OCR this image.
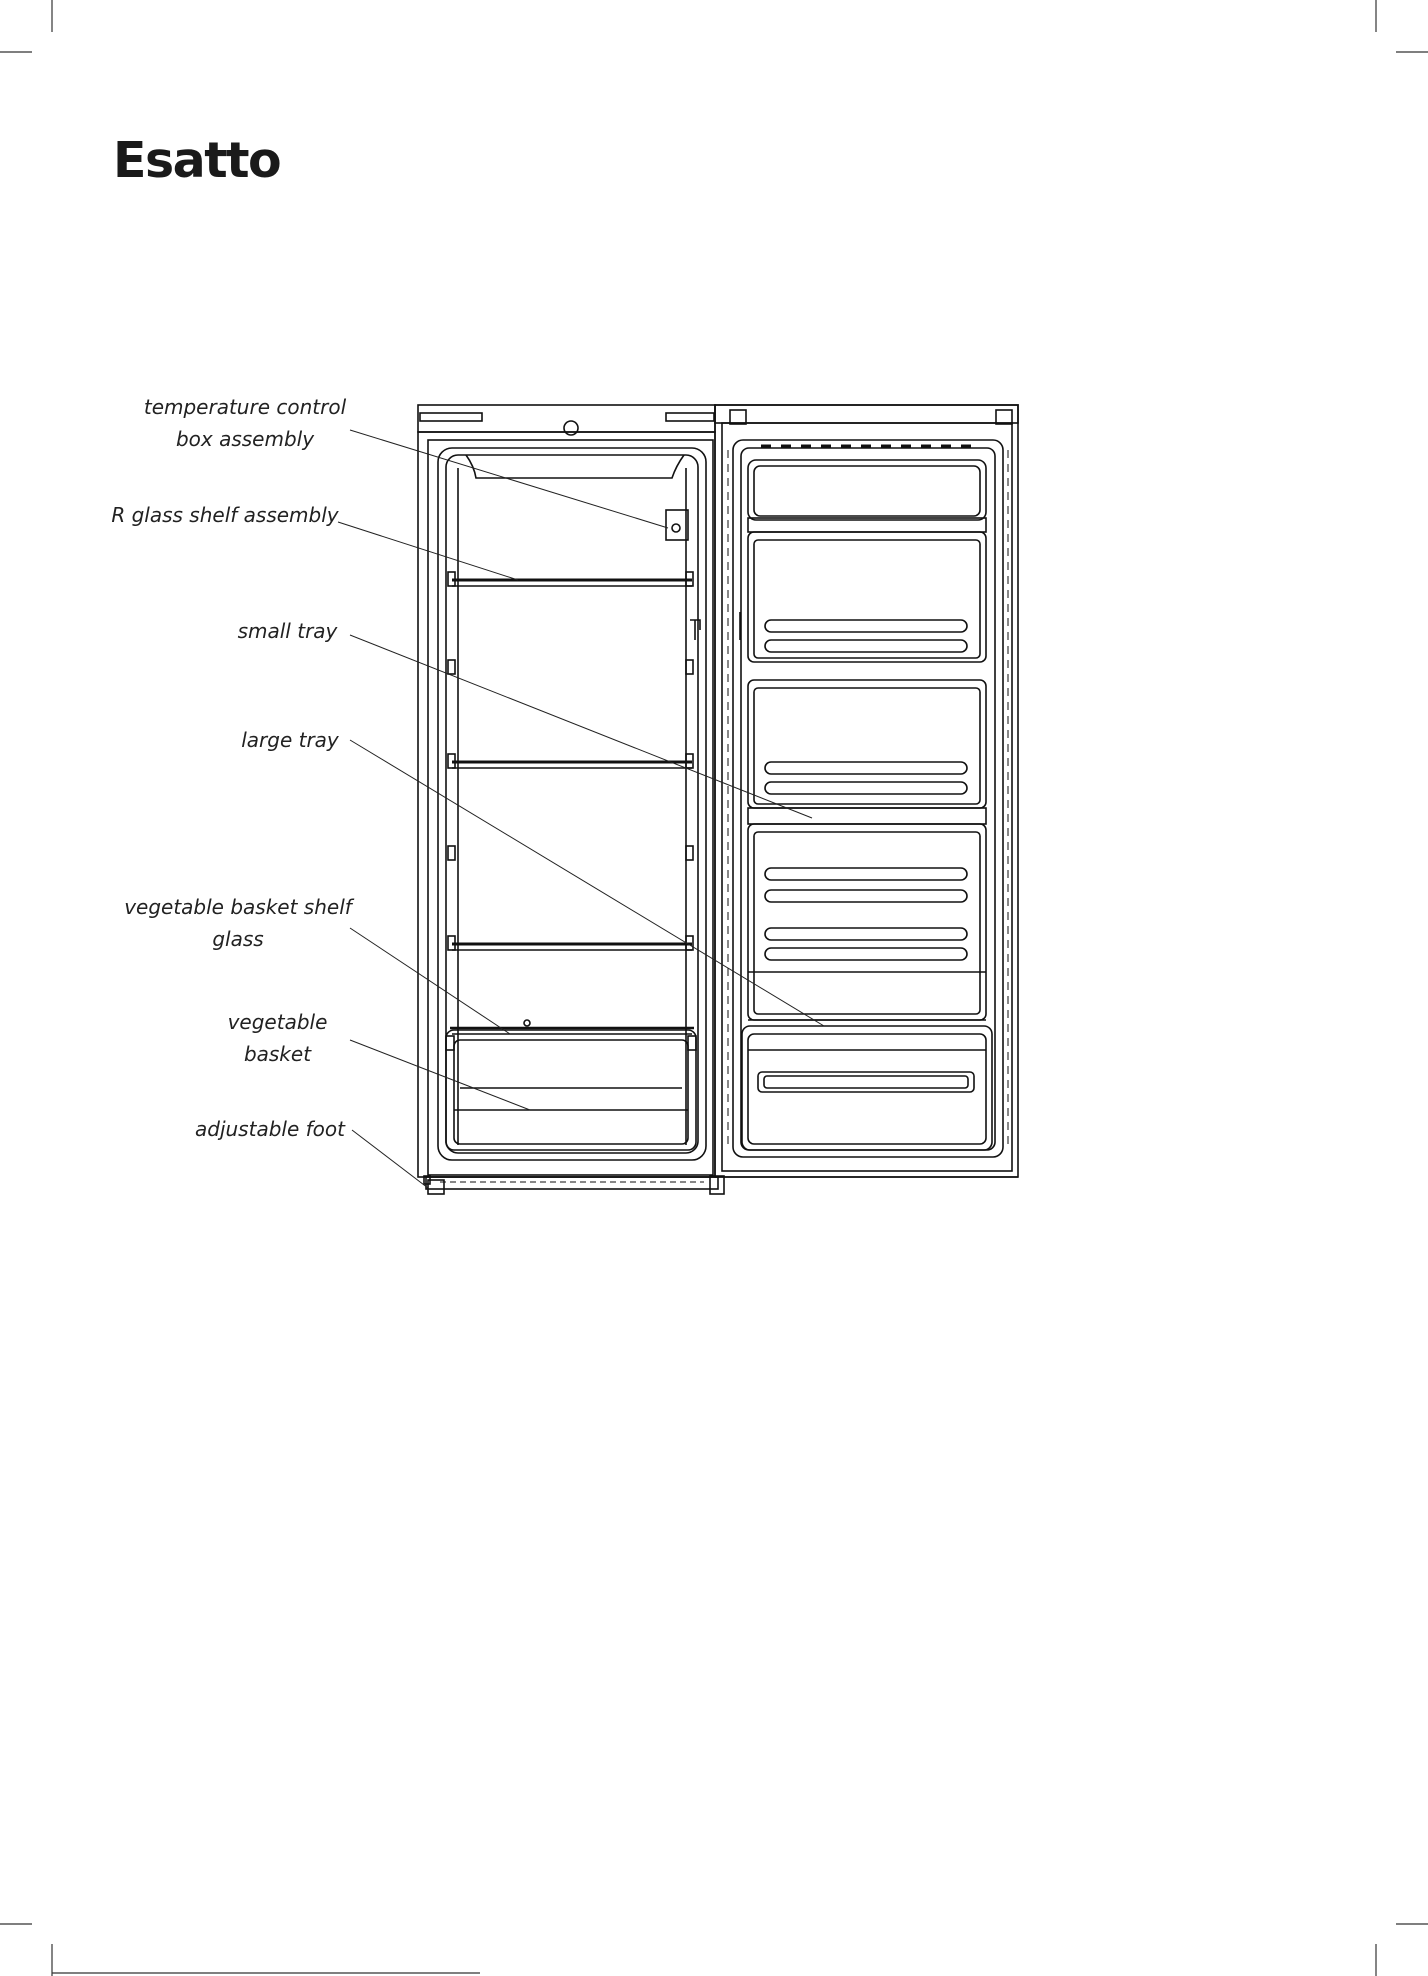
Esatto
temperature control
box assembly
R glass shelf assembly
small tray
large tray
vegetable basket shelf
glass
vegetable
basket
adjustable foot
